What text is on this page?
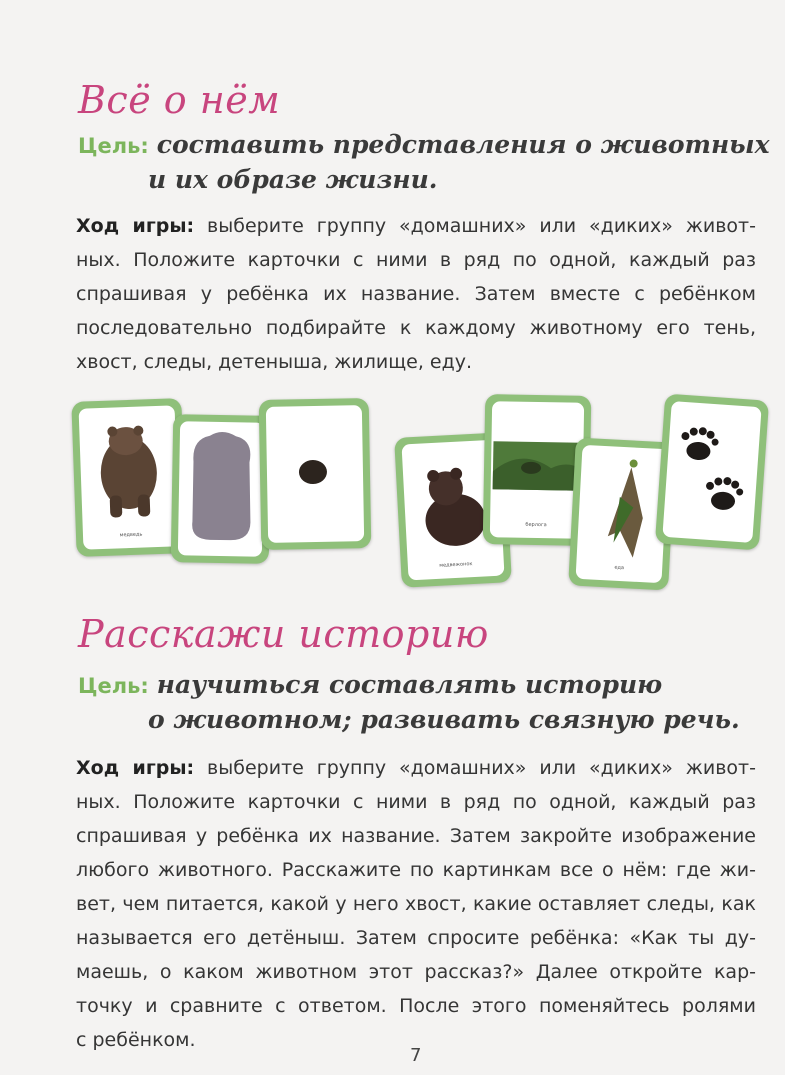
Всё о нём
Цель: составить представления о животных
и их образе жизни.
Ход игры: выберите группу «домашних» или «диких» живот-
ных. Положите карточки с ними в ряд по одной, каждый раз
спрашивая у ребёнка их название. Затем вместе с ребёнком
последовательно подбирайте к каждому животному его тень,
хвост, следы, детеныша, жилище, еду.
медведь
медвежонок
берлога
еда
Расскажи историю
Цель: научиться составлять историю
о животном; развивать связную речь.
Ход игры: выберите группу «домашних» или «диких» живот-
ных. Положите карточки с ними в ряд по одной, каждый раз
спрашивая у ребёнка их название. Затем закройте изображение
любого животного. Расскажите по картинкам все о нём: где жи-
вет, чем питается, какой у него хвост, какие оставляет следы, как
называется его детёныш. Затем спросите ребёнка: «Как ты ду-
маешь, о каком животном этот рассказ?» Далее откройте кар-
точку и сравните с ответом. После этого поменяйтесь ролями
с ребёнком.
7
